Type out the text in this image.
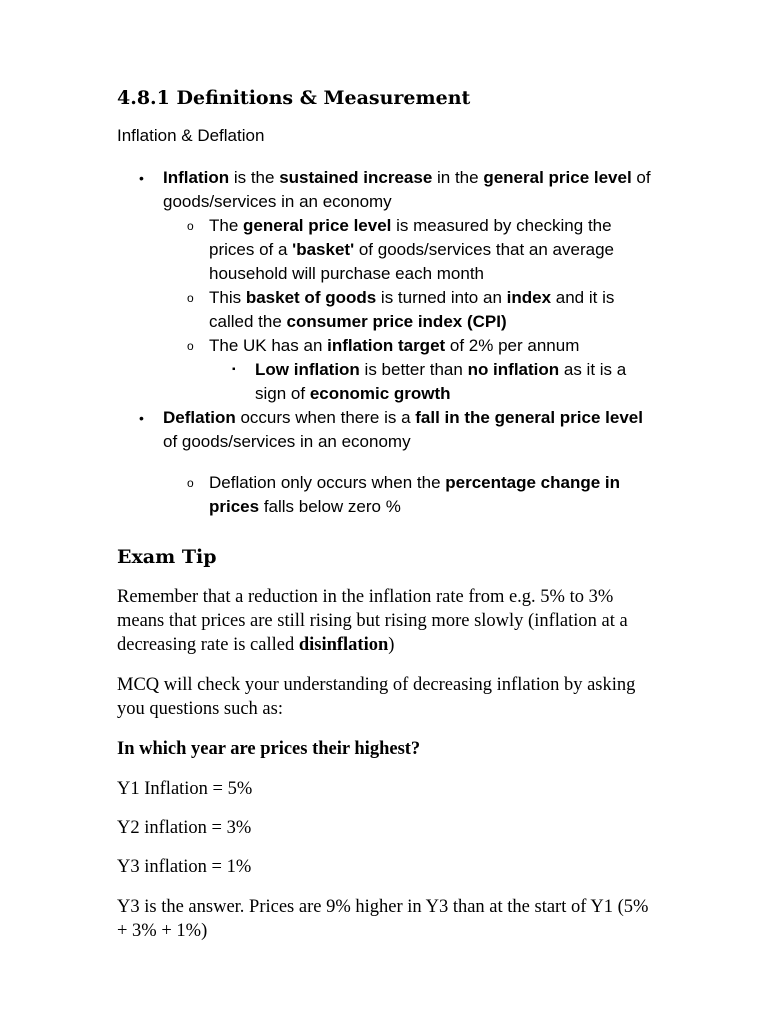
4.8.1 Definitions & Measurement
Inflation & Deflation
• Inflation is the sustained increase in the general price level of goods/services in an economy
o The general price level is measured by checking the prices of a 'basket' of goods/services that an average household will purchase each month
o This basket of goods is turned into an index and it is called the consumer price index (CPI)
o The UK has an inflation target of 2% per annum
▪ Low inflation is better than no inflation as it is a sign of economic growth
• Deflation occurs when there is a fall in the general price level of goods/services in an economy
o Deflation only occurs when the percentage change in prices falls below zero %
Exam Tip

Remember that a reduction in the inflation rate from e.g. 5% to 3% means that prices are still rising but rising more slowly (inflation at a decreasing rate is called disinflation)

MCQ will check your understanding of decreasing inflation by asking you questions such as:

In which year are prices their highest?

Y1 Inflation = 5%

Y2 inflation = 3%

Y3 inflation = 1%

Y3 is the answer. Prices are 9% higher in Y3 than at the start of Y1 (5% + 3% + 1%)
